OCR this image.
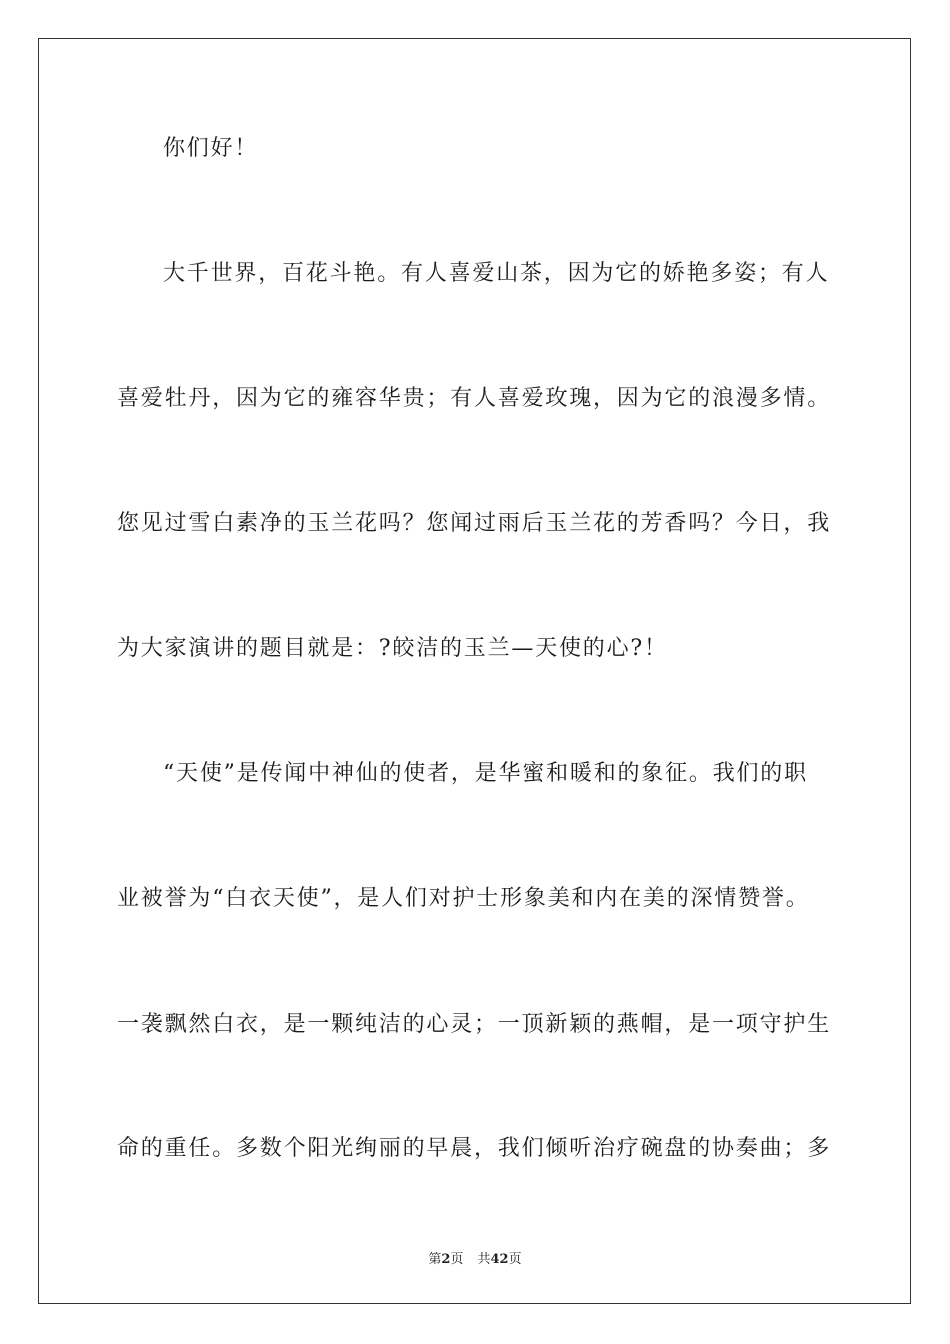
你们好！
大千世界，百花斗艳。有人喜爱山茶，因为它的娇艳多姿；有人
喜爱牡丹，因为它的雍容华贵；有人喜爱玫瑰，因为它的浪漫多情。
您见过雪白素净的玉兰花吗？您闻过雨后玉兰花的芳香吗？今日，我
为大家演讲的题目就是：?皎洁的玉兰—天使的心?！
“天使”是传闻中神仙的使者，是华蜜和暖和的象征。我们的职
业被誉为“白衣天使”，是人们对护士形象美和内在美的深情赞誉。
一袭飘然白衣，是一颗纯洁的心灵；一顶新颖的燕帽，是一项守护生
命的重任。多数个阳光绚丽的早晨，我们倾听治疗碗盘的协奏曲；多
第2页 共42页
